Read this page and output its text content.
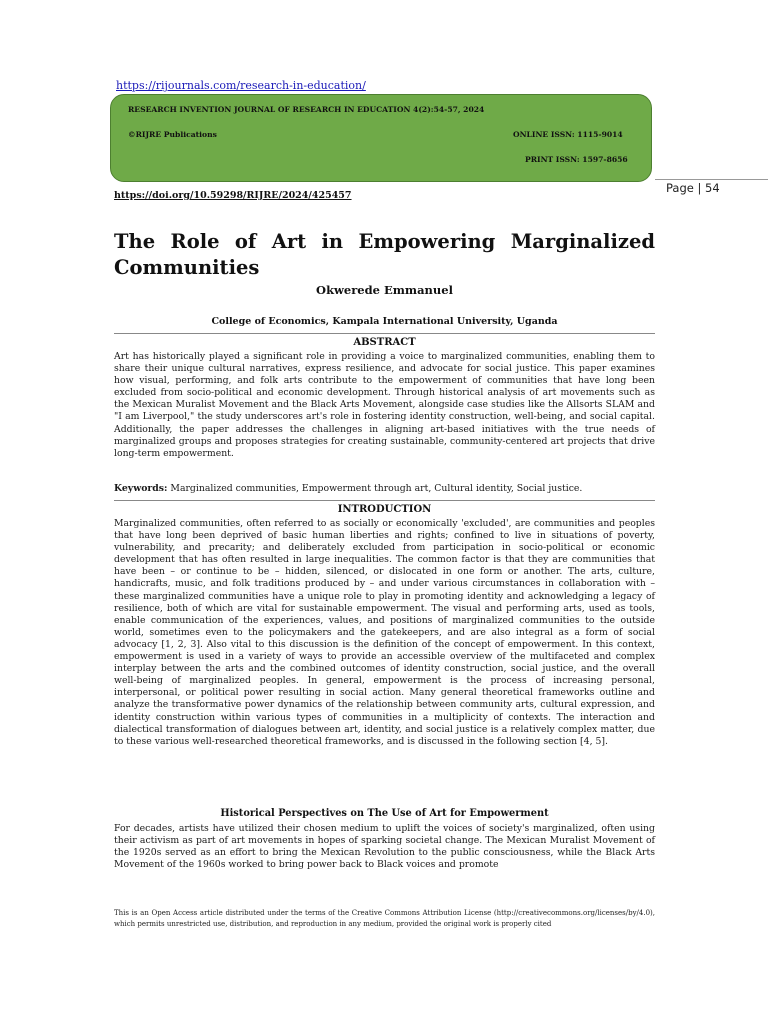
https://rijournals.com/research-in-education/
RESEARCH INVENTION JOURNAL OF RESEARCH IN EDUCATION 4(2):54-57, 2024
©RIJRE Publications	ONLINE ISSN: 1115-9014
PRINT ISSN: 1597-8656
https://doi.org/10.59298/RIJRE/2024/425457
Page | 54
The Role of Art in Empowering Marginalized
Communities
Okwerede Emmanuel
College of Economics, Kampala International University, Uganda
ABSTRACT
Art has historically played a significant role in providing a voice to marginalized communities, enabling them to share their unique cultural narratives, express resilience, and advocate for social justice. This paper examines how visual, performing, and folk arts contribute to the empowerment of communities that have long been excluded from socio-political and economic development. Through historical analysis of art movements such as the Mexican Muralist Movement and the Black Arts Movement, alongside case studies like the Allsorts SLAM and "I am Liverpool," the study underscores art's role in fostering identity construction, well-being, and social capital. Additionally, the paper addresses the challenges in aligning art-based initiatives with the true needs of marginalized groups and proposes strategies for creating sustainable, community-centered art projects that drive long-term empowerment.
Keywords: Marginalized communities, Empowerment through art, Cultural identity, Social justice.
INTRODUCTION
Marginalized communities, often referred to as socially or economically 'excluded', are communities and peoples that have long been deprived of basic human liberties and rights; confined to live in situations of poverty, vulnerability, and precarity; and deliberately excluded from participation in socio-political or economic development that has often resulted in large inequalities. The common factor is that they are communities that have been – or continue to be – hidden, silenced, or dislocated in one form or another. The arts, culture, handicrafts, music, and folk traditions produced by – and under various circumstances in collaboration with – these marginalized communities have a unique role to play in promoting identity and acknowledging a legacy of resilience, both of which are vital for sustainable empowerment. The visual and performing arts, used as tools, enable communication of the experiences, values, and positions of marginalized communities to the outside world, sometimes even to the policymakers and the gatekeepers, and are also integral as a form of social advocacy [1, 2, 3]. Also vital to this discussion is the definition of the concept of empowerment. In this context, empowerment is used in a variety of ways to provide an accessible overview of the multifaceted and complex interplay between the arts and the combined outcomes of identity construction, social justice, and the overall well-being of marginalized peoples. In general, empowerment is the process of increasing personal, interpersonal, or political power resulting in social action. Many general theoretical frameworks outline and analyze the transformative power dynamics of the relationship between community arts, cultural expression, and identity construction within various types of communities in a multiplicity of contexts. The interaction and dialectical transformation of dialogues between art, identity, and social justice is a relatively complex matter, due to these various well-researched theoretical frameworks, and is discussed in the following section [4, 5].
Historical Perspectives on The Use of Art for Empowerment
For decades, artists have utilized their chosen medium to uplift the voices of society's marginalized, often using their activism as part of art movements in hopes of sparking societal change. The Mexican Muralist Movement of the 1920s served as an effort to bring the Mexican Revolution to the public consciousness, while the Black Arts Movement of the 1960s worked to bring power back to Black voices and promote
This is an Open Access article distributed under the terms of the Creative Commons Attribution License (http://creativecommons.org/licenses/by/4.0), which permits unrestricted use, distribution, and reproduction in any medium, provided the original work is properly cited
